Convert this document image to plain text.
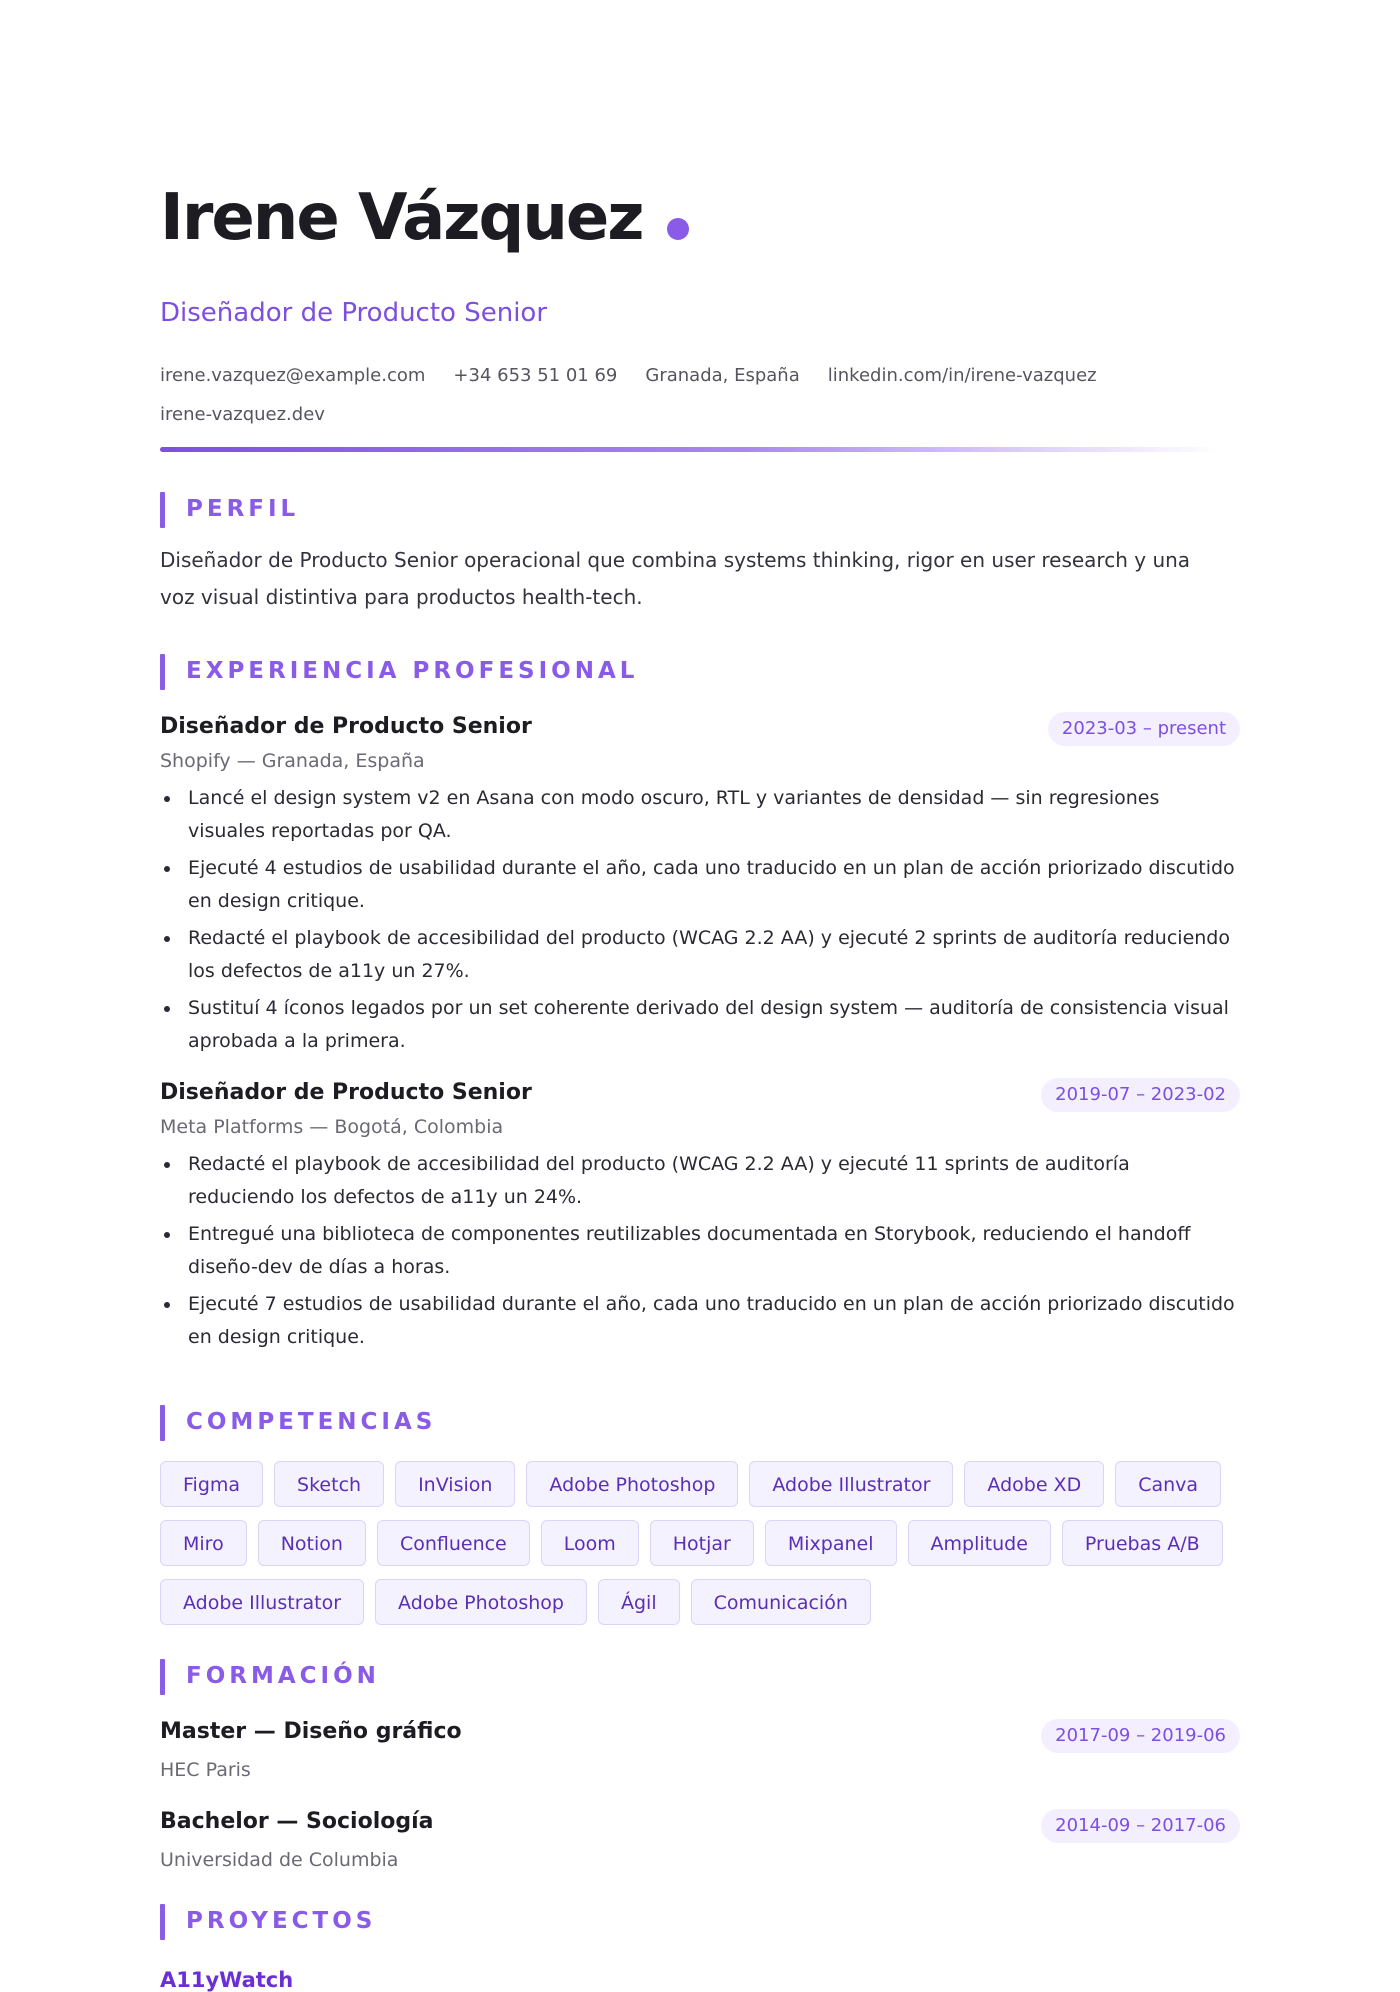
Irene Vázquez
Diseñador de Producto Senior
irene.vazquez@example.com +34 653 51 01 69 Granada, España linkedin.com/in/irene-vazquez
irene-vazquez.dev
PERFIL
Diseñador de Producto Senior operacional que combina systems thinking, rigor en user research y una voz visual distintiva para productos health-tech.
EXPERIENCIA PROFESIONAL
Diseñador de Producto Senior	2023-03 – present
Shopify — Granada, España
Lancé el design system v2 en Asana con modo oscuro, RTL y variantes de densidad — sin regresiones visuales reportadas por QA.
Ejecuté 4 estudios de usabilidad durante el año, cada uno traducido en un plan de acción priorizado discutido en design critique.
Redacté el playbook de accesibilidad del producto (WCAG 2.2 AA) y ejecuté 2 sprints de auditoría reduciendo los defectos de a11y un 27%.
Sustituí 4 íconos legados por un set coherente derivado del design system — auditoría de consistencia visual aprobada a la primera.
Diseñador de Producto Senior	2019-07 – 2023-02
Meta Platforms — Bogotá, Colombia
Redacté el playbook de accesibilidad del producto (WCAG 2.2 AA) y ejecuté 11 sprints de auditoría reduciendo los defectos de a11y un 24%.
Entregué una biblioteca de componentes reutilizables documentada en Storybook, reduciendo el handoff diseño-dev de días a horas.
Ejecuté 7 estudios de usabilidad durante el año, cada uno traducido en un plan de acción priorizado discutido en design critique.
COMPETENCIAS
Figma	Sketch	InVision	Adobe Photoshop	Adobe Illustrator	Adobe XD	Canva
Miro	Notion	Confluence	Loom	Hotjar	Mixpanel	Amplitude	Pruebas A/B
Adobe Illustrator	Adobe Photoshop	Ágil	Comunicación
FORMACIÓN
Master — Diseño gráfico	2017-09 – 2019-06
HEC Paris
Bachelor — Sociología	2014-09 – 2017-06
Universidad de Columbia
PROYECTOS
A11yWatch
